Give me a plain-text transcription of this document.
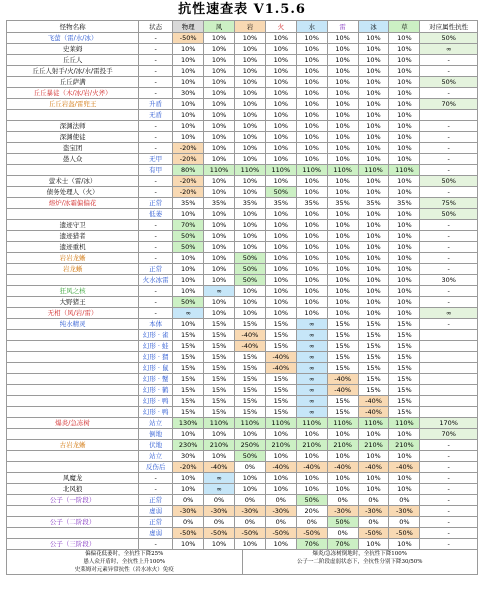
抗性速查表 V1.5.6
怪物名称	状态	物理	风	岩	火	水	雷	冰	草	对应属性抗性
飞萤（雷/水/冰）	-	-50%	10%	10%	10%	10%	10%	10%	10%	50%
史莱姆	-	10%	10%	10%	10%	10%	10%	10%	10%	∞
丘丘人	-	10%	10%	10%	10%	10%	10%	10%	10%	-
丘丘人射手/火/冰/水/雷投手	-	10%	10%	10%	10%	10%	10%	10%	10%	-
丘丘萨满	-	10%	10%	10%	10%	10%	10%	10%	10%	50%
丘丘暴徒（木/冰/岩/火斧）	-	30%	10%	10%	10%	10%	10%	10%	10%	-
丘丘岩盔/雷兜王	升盾	10%	10%	10%	10%	10%	10%	10%	10%	70%
	无盾	10%	10%	10%	10%	10%	10%	10%	10%	
深渊法师	-	10%	10%	10%	10%	10%	10%	10%	10%	-
深渊使徒	-	10%	10%	10%	10%	10%	10%	10%	10%	-
盗宝团	-	-20%	10%	10%	10%	10%	10%	10%	10%	-
愚人众	无甲	-20%	10%	10%	10%	10%	10%	10%	10%	-
	有甲	80%	110%	110%	110%	110%	110%	110%	110%	-
萤术士（雷/冰）	-	-20%	10%	10%	10%	10%	10%	10%	10%	50%
债务处理人（火）	-	-20%	10%	10%	50%	10%	10%	10%	10%	-
熔炉/冰霜偏偏花	正常	35%	35%	35%	35%	35%	35%	35%	35%	75%
	低萎	10%	10%	10%	10%	10%	10%	10%	10%	50%
遗迹守卫	-	70%	10%	10%	10%	10%	10%	10%	10%	-
遗迹猎者	-	50%	10%	10%	10%	10%	10%	10%	10%	-
遗迹重机	-	50%	10%	10%	10%	10%	10%	10%	10%	-
岩岩龙蜥	-	10%	10%	50%	10%	10%	10%	10%	10%	-
岩龙蜥	正常	10%	10%	50%	10%	10%	10%	10%	10%	-
	火水冰雷	10%	10%	50%	10%	10%	10%	10%	10%	30%
狂风之核	-	10%	∞	10%	10%	10%	10%	10%	10%	-
大野猪王	-	50%	10%	10%	10%	10%	10%	10%	10%	-
无相（风/岩/雷）	-	∞	10%	10%	10%	10%	10%	10%	10%	∞
纯水精灵	本体	10%	15%	15%	15%	∞	15%	15%	15%	-
	幻形 · 雀	15%	15%	-40%	15%	∞	15%	15%	15%	
	幻形 · 蛙	15%	15%	-40%	15%	∞	15%	15%	15%	
	幻形 · 猬	15%	15%	15%	-40%	∞	15%	15%	15%	
	幻形 · 鼠	15%	15%	15%	-40%	∞	15%	15%	15%	
	幻形 · 蟹	15%	15%	15%	15%	∞	-40%	15%	15%	
	幻形 · 鹤	15%	15%	15%	15%	∞	-40%	15%	15%	
	幻形 · 鸭	15%	15%	15%	15%	∞	15%	-40%	15%	
	幻形 · 鸭	15%	15%	15%	15%	∞	15%	-40%	15%	
爆炎/急冻树	站立	130%	110%	110%	110%	110%	110%	110%	110%	170%
	倒地	10%	10%	10%	10%	10%	10%	10%	10%	70%
古岩龙蜥	伏地	230%	210%	250%	210%	210%	210%	210%	210%	-
	站立	30%	10%	50%	10%	10%	10%	10%	10%	-
	反伤后	-20%	-40%	0%	-40%	-40%	-40%	-40%	-40%	-
风魔龙	-	10%	∞	10%	10%	10%	10%	10%	10%	-
北风狼	-	10%	∞	10%	10%	10%	10%	10%	10%	-
公子（一阶段）	正常	0%	0%	0%	0%	50%	0%	0%	0%	-
	虚弱	-30%	-30%	-30%	-30%	20%	-30%	-30%	-30%	-
公子（二阶段）	正常	0%	0%	0%	0%	0%	50%	0%	0%	-
	虚弱	-50%	-50%	-50%	-50%	-50%	0%	-50%	-50%	-
公子（三阶段）	-	10%	10%	10%	10%	70%	70%	10%	10%	-
偏偏花低萎时，全抗性下降25%
愚人众开盾时，全抗性上升100%
史莱姆对元素异常抗性（岩水冰火）免疫
爆炎/急冻树倒地时，全抗性下降100%
公子一二阶段虚弱状态下，全抗性分别下降30/50%
